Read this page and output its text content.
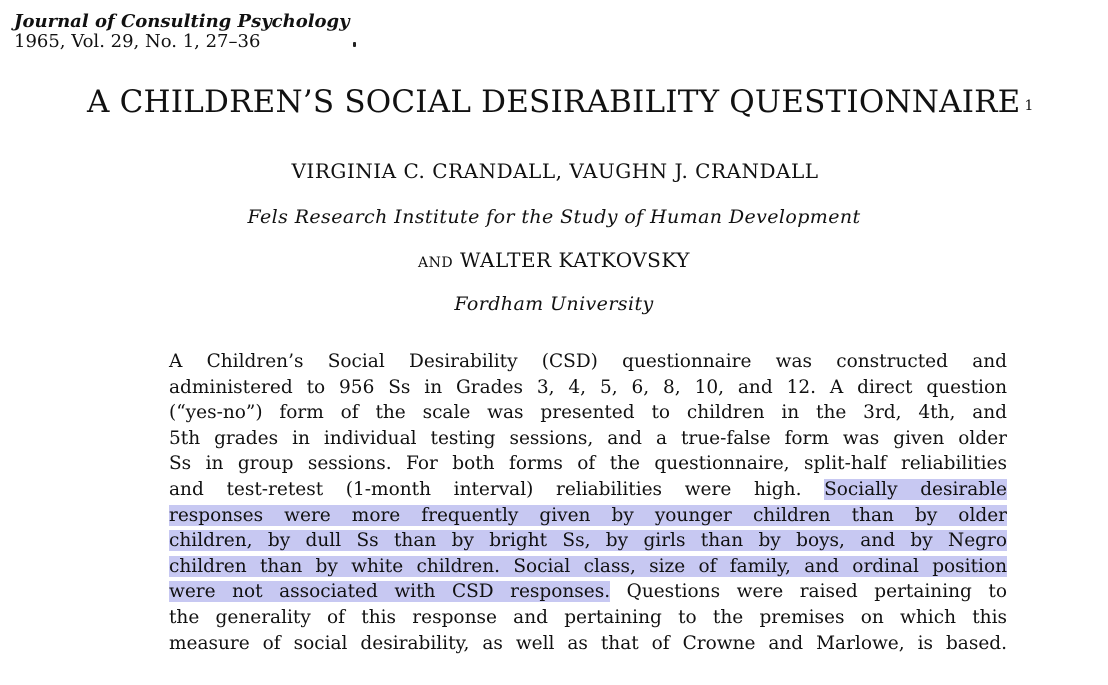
Journal of Consulting Psychology
1965, Vol. 29, No. 1, 27–36
A CHILDREN’S SOCIAL DESIRABILITY QUESTIONNAIRE $^1$
VIRGINIA C. CRANDALL, VAUGHN J. CRANDALL
Fels Research Institute for the Study of Human Development
AND WALTER KATKOVSKY
Fordham University
A Children’s Social Desirability (CSD) questionnaire was constructed and
administered to 956 Ss in Grades 3, 4, 5, 6, 8, 10, and 12. A direct question
(“yes-no”) form of the scale was presented to children in the 3rd, 4th, and
5th grades in individual testing sessions, and a true-false form was given older
Ss in group sessions. For both forms of the questionnaire, split-half reliabilities
and test-retest (1-month interval) reliabilities were high. Socially desirable
responses were more frequently given by younger children than by older
children, by dull Ss than by bright Ss, by girls than by boys, and by Negro
children than by white children. Social class, size of family, and ordinal position
were not associated with CSD responses. Questions were raised pertaining to
the generality of this response and pertaining to the premises on which this
measure of social desirability, as well as that of Crowne and Marlowe, is based.
